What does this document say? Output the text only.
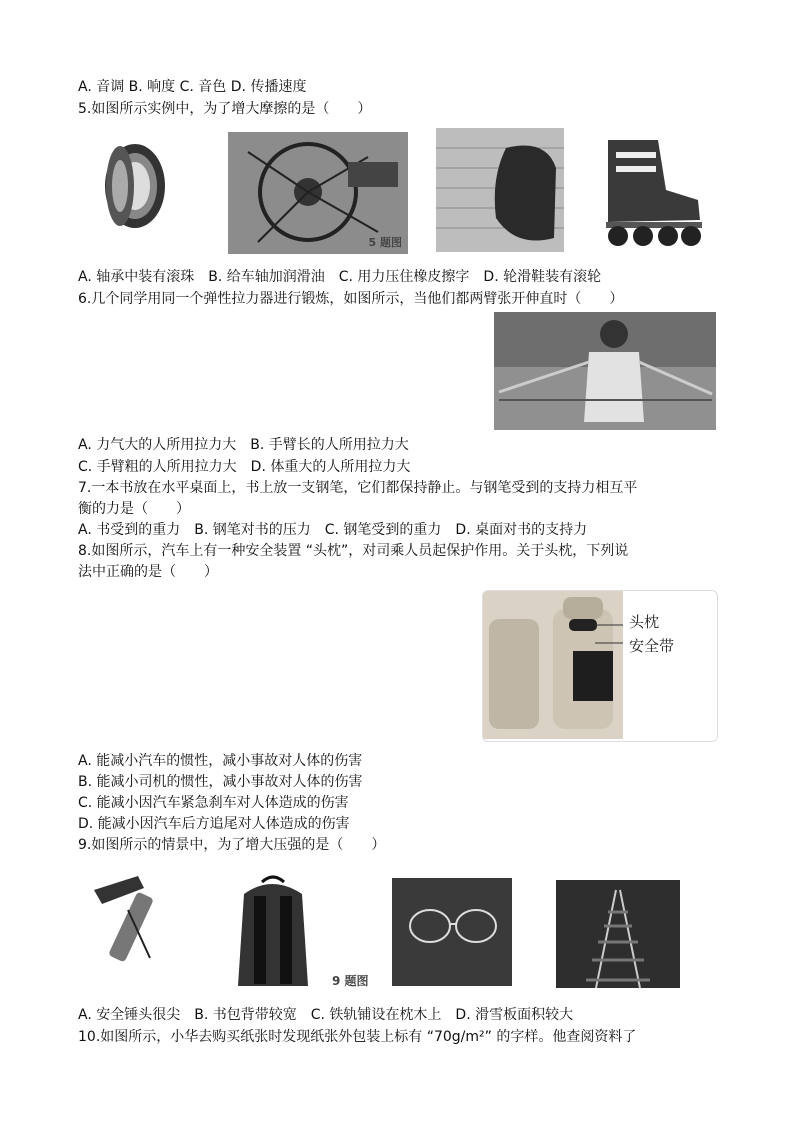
A. 音调 B. 响度 C. 音色 D. 传播速度
5.如图所示实例中，为了增大摩擦的是（　　）
5 题图
A. 轴承中装有滚珠　B. 给车轴加润滑油　C. 用力压住橡皮擦字　D. 轮滑鞋装有滚轮
6.几个同学用同一个弹性拉力器进行锻炼，如图所示，当他们都两臂张开伸直时（　　）
A. 力气大的人所用拉力大　B. 手臂长的人所用拉力大
C. 手臂粗的人所用拉力大　D. 体重大的人所用拉力大
7.一本书放在水平桌面上，书上放一支钢笔，它们都保持静止。与钢笔受到的支持力相互平
衡的力是（　　）
A. 书受到的重力　B. 钢笔对书的压力　C. 钢笔受到的重力　D. 桌面对书的支持力
8.如图所示，汽车上有一种安全装置 “头枕”，对司乘人员起保护作用。关于头枕，下列说
法中正确的是（　　）
头枕
安全带
A. 能减小汽车的惯性，减小事故对人体的伤害
B. 能减小司机的惯性，减小事故对人体的伤害
C. 能减小因汽车紧急刹车对人体造成的伤害
D. 能减小因汽车后方追尾对人体造成的伤害
9.如图所示的情景中，为了增大压强的是（　　）
9 题图
A. 安全锤头很尖　B. 书包背带较宽　C. 铁轨铺设在枕木上　D. 滑雪板面积较大
10.如图所示，小华去购买纸张时发现纸张外包装上标有 “70g/m²” 的字样。他查阅资料了
